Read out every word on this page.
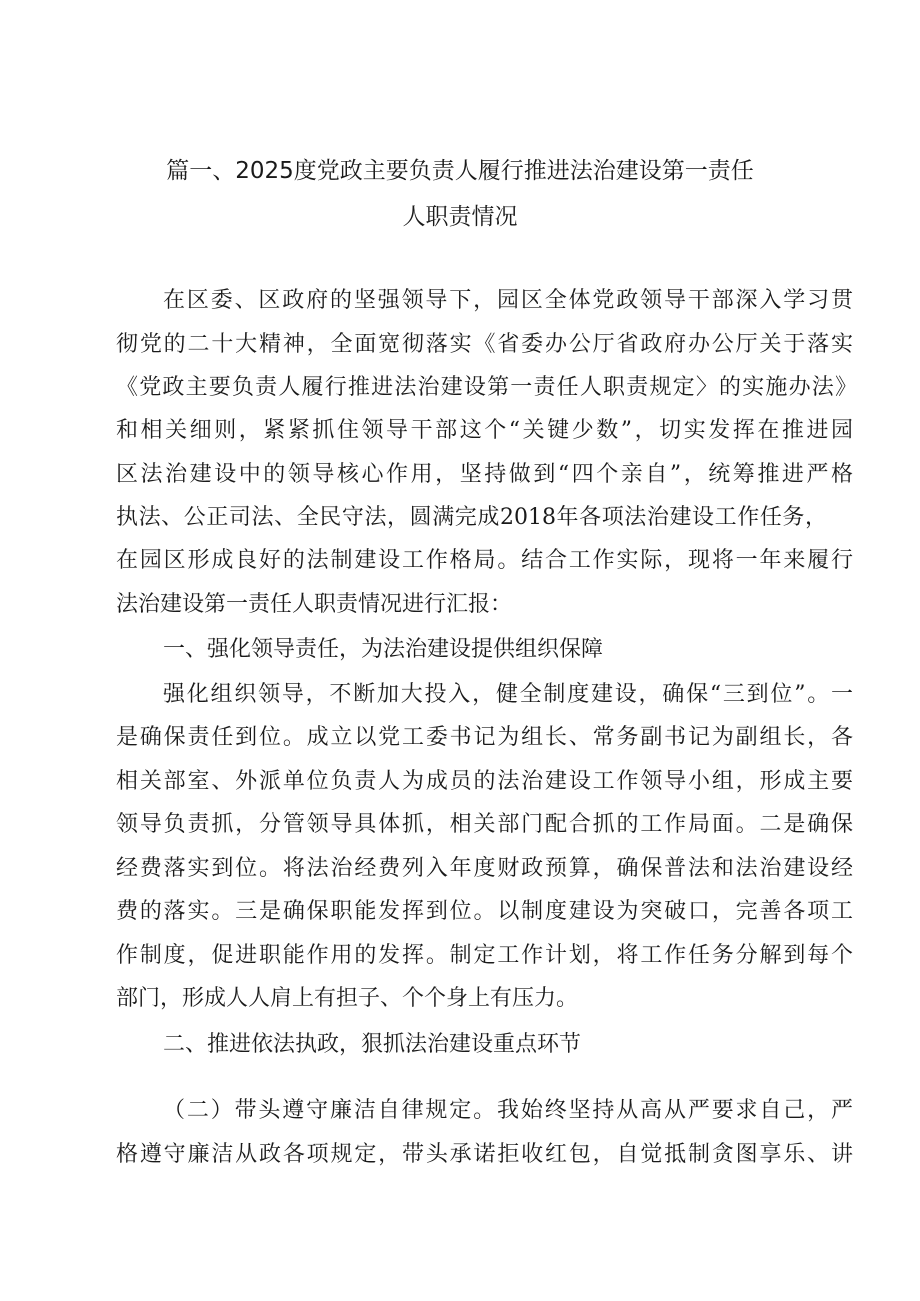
篇一、2025度党政主要负责人履行推进法治建设第一责任
人职责情况
在区委、区政府的坚强领导下，园区全体党政领导干部深入学习贯
彻党的二十大精神，全面宽彻落实《省委办公厅省政府办公厅关于落实
《党政主要负责人履行推进法治建设第一责任人职责规定〉的实施办法》
和相关细则，紧紧抓住领导干部这个“关键少数”，切实发挥在推进园
区法治建设中的领导核心作用，坚持做到“四个亲自”，统筹推进严格
执法、公正司法、全民守法，圆满完成2018年各项法治建设工作任务，
在园区形成良好的法制建设工作格局。结合工作实际，现将一年来履行
法治建设第一责任人职责情况进行汇报：
一、强化领导责任，为法治建设提供组织保障
强化组织领导，不断加大投入，健全制度建设，确保“三到位”。一
是确保责任到位。成立以党工委书记为组长、常务副书记为副组长，各
相关部室、外派单位负责人为成员的法治建设工作领导小组，形成主要
领导负责抓，分管领导具体抓，相关部门配合抓的工作局面。二是确保
经费落实到位。将法治经费列入年度财政预算，确保普法和法治建设经
费的落实。三是确保职能发挥到位。以制度建设为突破口，完善各项工
作制度，促进职能作用的发挥。制定工作计划，将工作任务分解到每个
部门，形成人人肩上有担子、个个身上有压力。
二、推进依法执政，狠抓法治建设重点环节
（二）带头遵守廉洁自律规定。我始终坚持从高从严要求自己，严
格遵守廉洁从政各项规定，带头承诺拒收红包，自觉抵制贪图享乐、讲
